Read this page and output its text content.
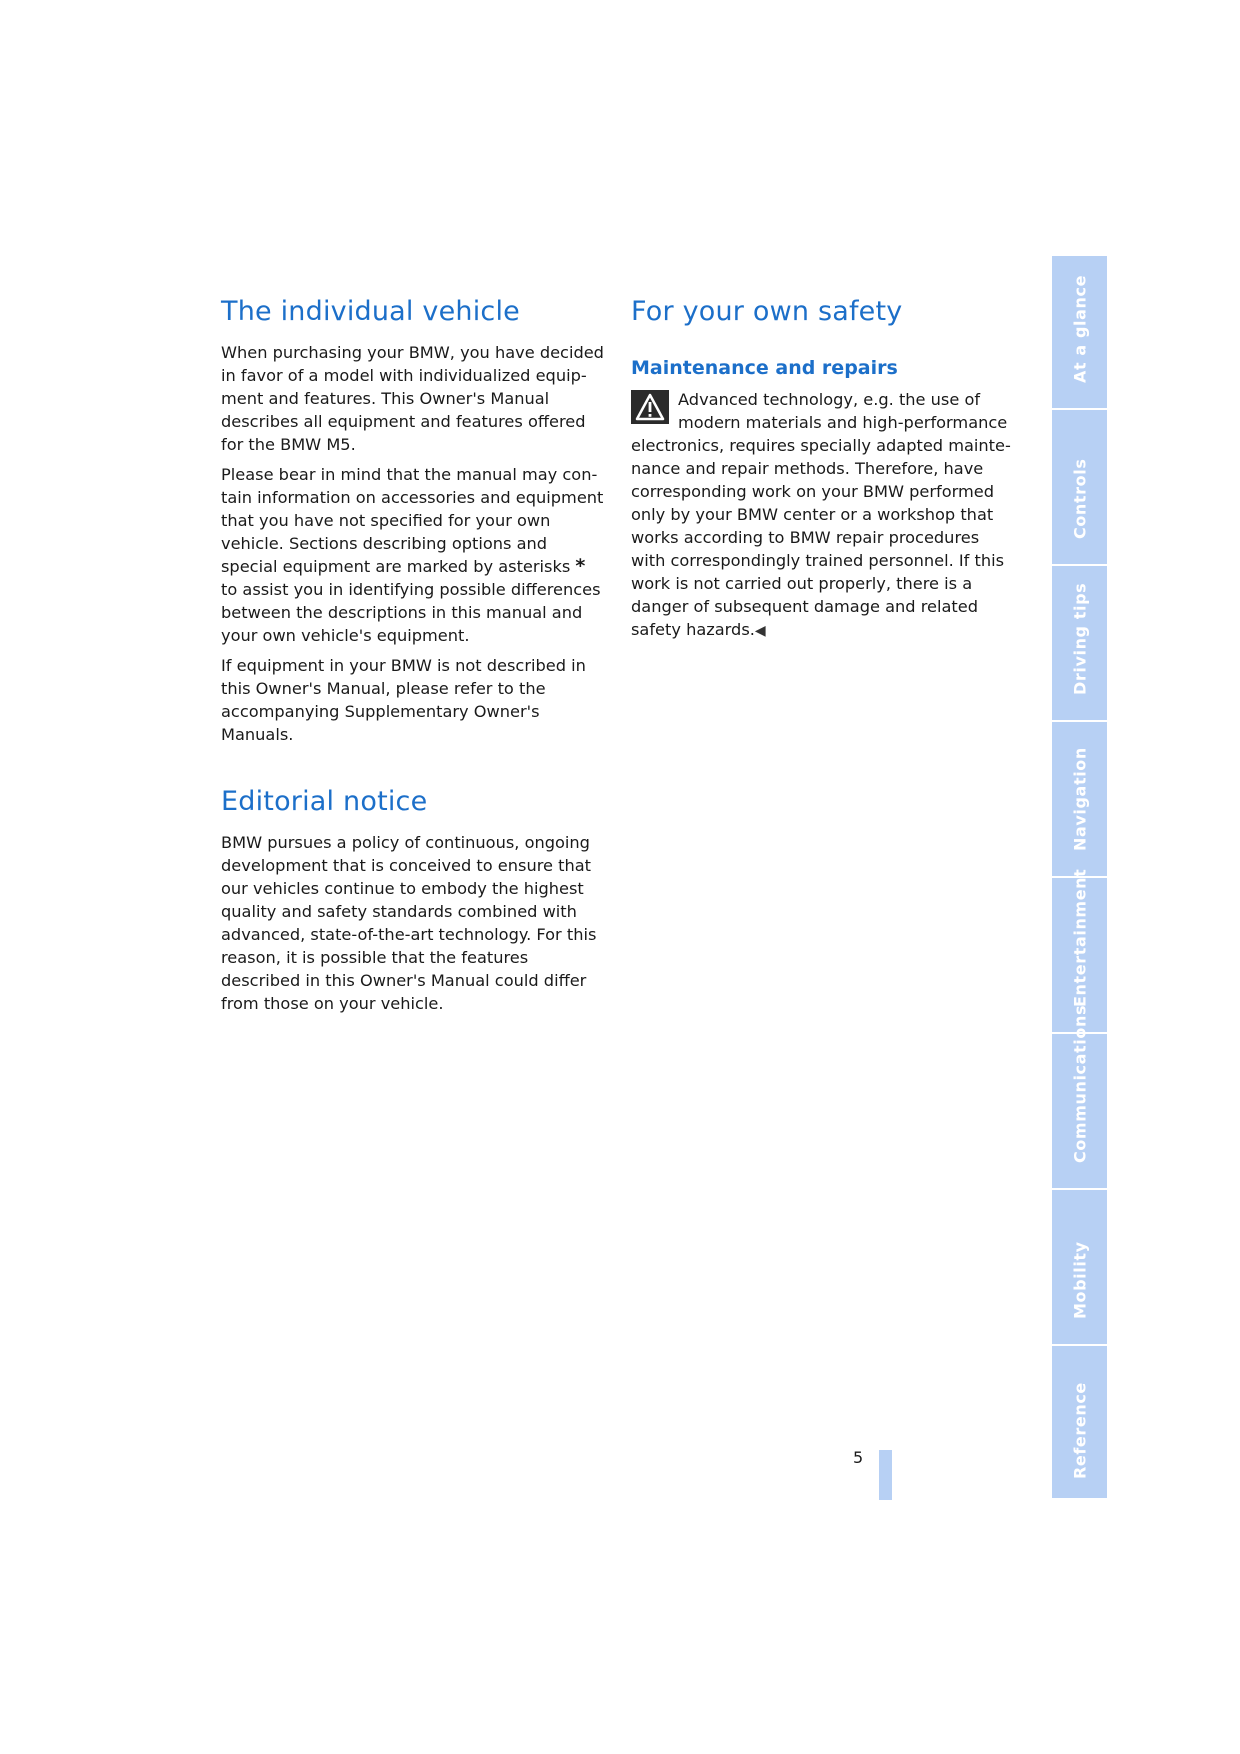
The individual vehicle

When purchasing your BMW, you have decided in favor of a model with individualized equipment and features. This Owner's Manual describes all equipment and features offered for the BMW M5.

Please bear in mind that the manual may contain information on accessories and equipment that you have not specified for your own vehicle. Sections describing options and special equipment are marked by asterisks * to assist you in identifying possible differences between the descriptions in this manual and your own vehicle's equipment.

If equipment in your BMW is not described in this Owner's Manual, please refer to the accompanying Supplementary Owner's Manuals.

Editorial notice

BMW pursues a policy of continuous, ongoing development that is conceived to ensure that our vehicles continue to embody the highest quality and safety standards combined with advanced, state-of-the-art technology. For this reason, it is possible that the features described in this Owner's Manual could differ from those on your vehicle.

For your own safety
Maintenance and repairs

Advanced technology, e.g. the use of modern materials and high-performance electronics, requires specially adapted maintenance and repair methods. Therefore, have corresponding work on your BMW performed only by your BMW center or a workshop that works according to BMW repair procedures with correspondingly trained personnel. If this work is not carried out properly, there is a danger of subsequent damage and related safety hazards.◀

5
At a glance
Controls
Driving tips
Navigation
Entertainment
Communications
Mobility
Reference
